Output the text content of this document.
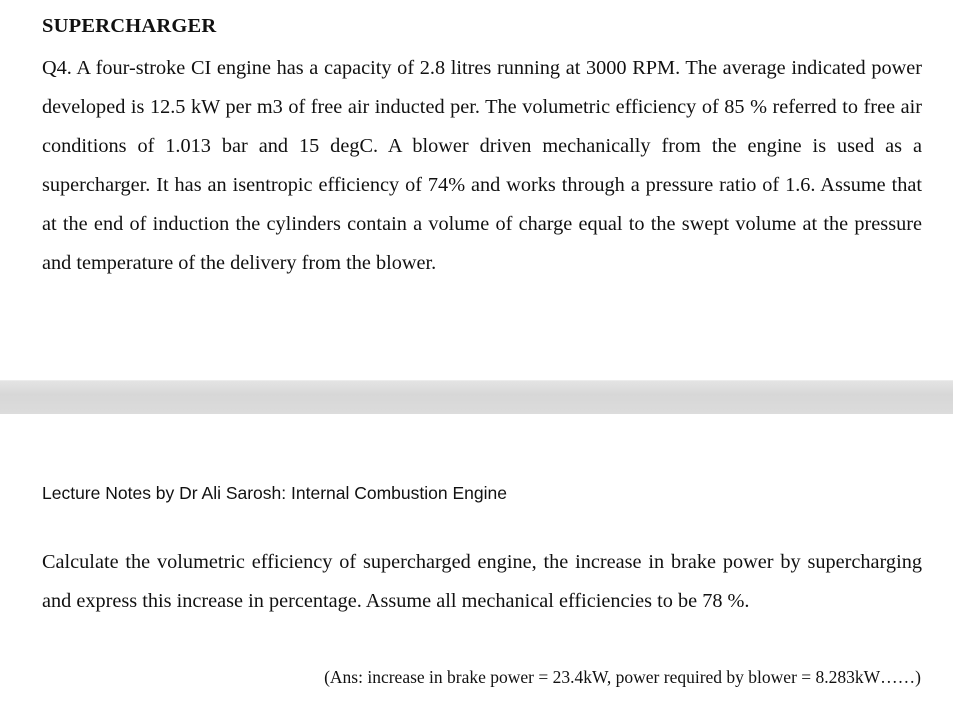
SUPERCHARGER

Q4. A four-stroke CI engine has a capacity of 2.8 litres running at 3000 RPM. The average indicated power developed is 12.5 kW per m3 of free air inducted per. The volumetric efficiency of 85 % referred to free air conditions of 1.013 bar and 15 degC. A blower driven mechanically from the engine is used as a supercharger. It has an isentropic efficiency of 74% and works through a pressure ratio of 1.6. Assume that at the end of induction the cylinders contain a volume of charge equal to the swept volume at the pressure and temperature of the delivery from the blower.

Lecture Notes by Dr Ali Sarosh: Internal Combustion Engine

Calculate the volumetric efficiency of supercharged engine, the increase in brake power by supercharging and express this increase in percentage. Assume all mechanical efficiencies to be 78 %.

(Ans: increase in brake power = 23.4kW, power required by blower = 8.283kW……)
